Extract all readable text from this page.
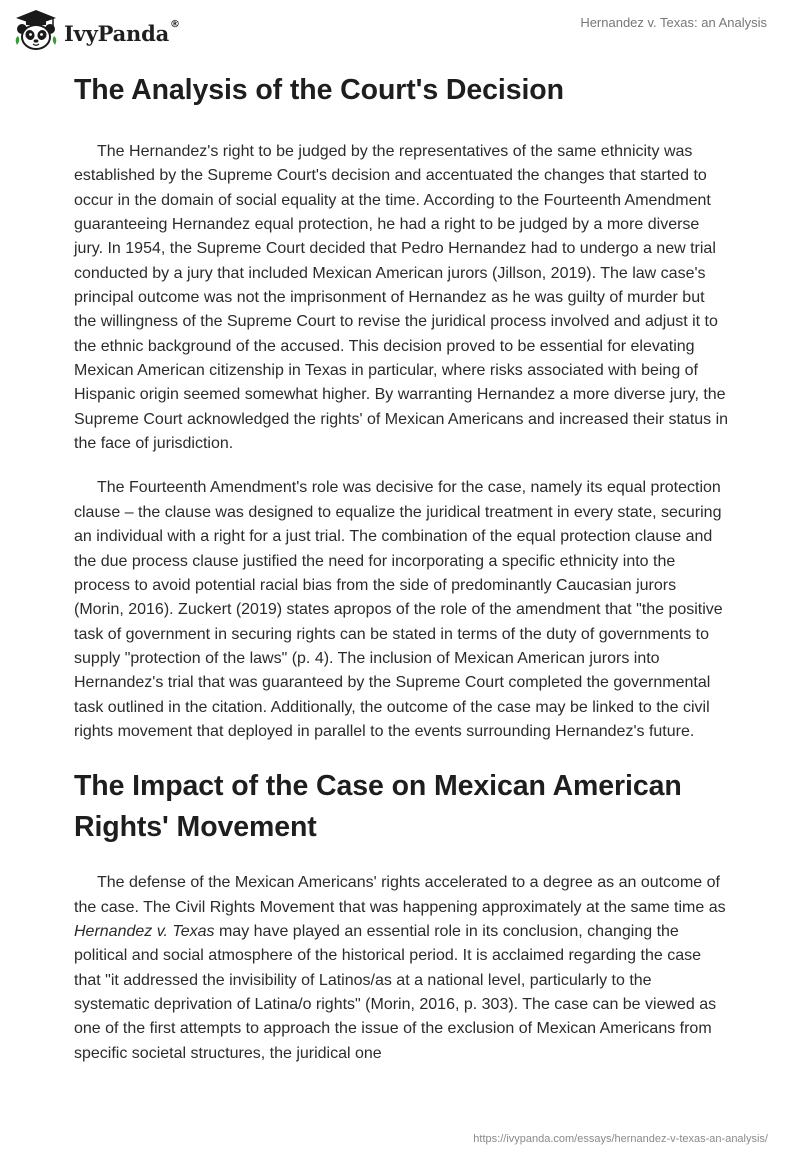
IvyPanda®	Hernandez v. Texas: an Analysis
The Analysis of the Court's Decision

The Hernandez's right to be judged by the representatives of the same ethnicity was established by the Supreme Court's decision and accentuated the changes that started to occur in the domain of social equality at the time. According to the Fourteenth Amendment guaranteeing Hernandez equal protection, he had a right to be judged by a more diverse jury. In 1954, the Supreme Court decided that Pedro Hernandez had to undergo a new trial conducted by a jury that included Mexican American jurors (Jillson, 2019). The law case's principal outcome was not the imprisonment of Hernandez as he was guilty of murder but the willingness of the Supreme Court to revise the juridical process involved and adjust it to the ethnic background of the accused. This decision proved to be essential for elevating Mexican American citizenship in Texas in particular, where risks associated with being of Hispanic origin seemed somewhat higher. By warranting Hernandez a more diverse jury, the Supreme Court acknowledged the rights' of Mexican Americans and increased their status in the face of jurisdiction.

The Fourteenth Amendment's role was decisive for the case, namely its equal protection clause – the clause was designed to equalize the juridical treatment in every state, securing an individual with a right for a just trial. The combination of the equal protection clause and the due process clause justified the need for incorporating a specific ethnicity into the process to avoid potential racial bias from the side of predominantly Caucasian jurors (Morin, 2016). Zuckert (2019) states apropos of the role of the amendment that "the positive task of government in securing rights can be stated in terms of the duty of governments to supply "protection of the laws" (p. 4). The inclusion of Mexican American jurors into Hernandez's trial that was guaranteed by the Supreme Court completed the governmental task outlined in the citation. Additionally, the outcome of the case may be linked to the civil rights movement that deployed in parallel to the events surrounding Hernandez's future.

The Impact of the Case on Mexican American Rights' Movement

The defense of the Mexican Americans' rights accelerated to a degree as an outcome of the case. The Civil Rights Movement that was happening approximately at the same time as Hernandez v. Texas may have played an essential role in its conclusion, changing the political and social atmosphere of the historical period. It is acclaimed regarding the case that "it addressed the invisibility of Latinos/as at a national level, particularly to the systematic deprivation of Latina/o rights" (Morin, 2016, p. 303). The case can be viewed as one of the first attempts to approach the issue of the exclusion of Mexican Americans from specific societal structures, the juridical one

https://ivypanda.com/essays/hernandez-v-texas-an-analysis/
